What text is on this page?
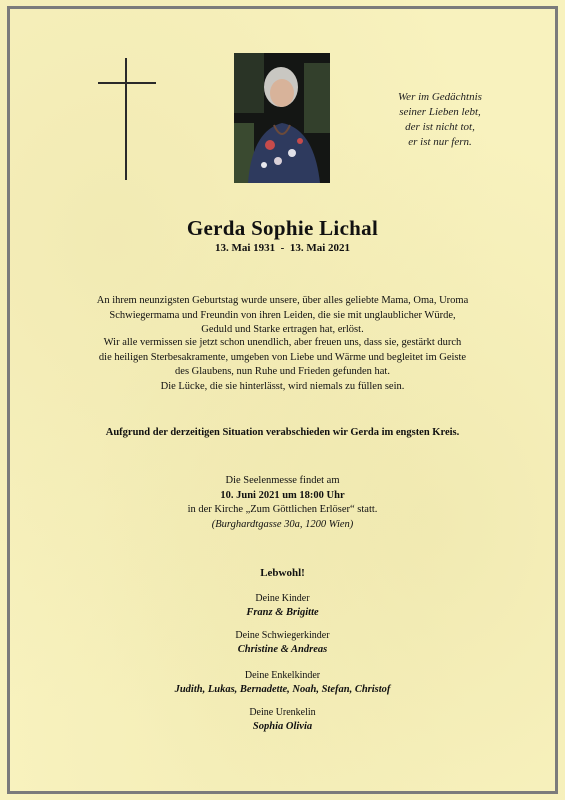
Wer im Gedächtnis
seiner Lieben lebt,
der ist nicht tot,
er ist nur fern.
Gerda Sophie Lichal
13. Mai 1931  -  13. Mai 2021
An ihrem neunzigsten Geburtstag wurde unsere, über alles geliebte Mama, Oma, Uroma
Schwiegermama und Freundin von ihren Leiden, die sie mit unglaublicher Würde,
Geduld und Starke ertragen hat, erlöst.
Wir alle vermissen sie jetzt schon unendlich, aber freuen uns, dass sie, gestärkt durch
die heiligen Sterbesakramente, umgeben von Liebe und Wärme und begleitet im Geiste
des Glaubens, nun Ruhe und Frieden gefunden hat.
Die Lücke, die sie hinterlässt, wird niemals zu füllen sein.
Aufgrund der derzeitigen Situation verabschieden wir Gerda im engsten Kreis.
Die Seelenmesse findet am
10. Juni 2021 um 18:00 Uhr
in der Kirche „Zum Göttlichen Erlöser“ statt.
(Burghardtgasse 30a, 1200 Wien)
Lebwohl!
Deine Kinder
Franz & Brigitte
Deine Schwiegerkinder
Christine & Andreas
Deine Enkelkinder
Judith, Lukas, Bernadette, Noah, Stefan, Christof
Deine Urenkelin
Sophia Olivia
